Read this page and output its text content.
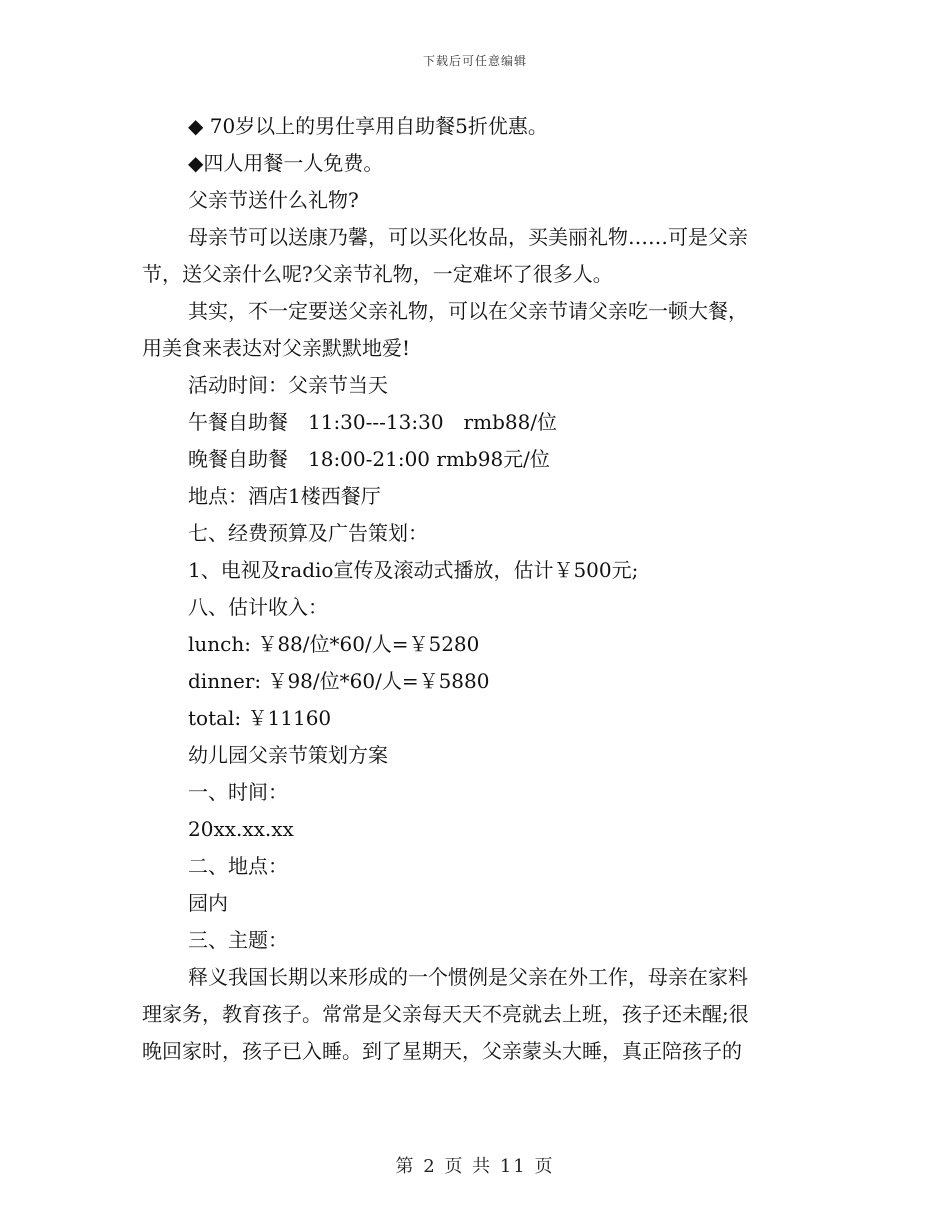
下载后可任意编辑

◆ 70岁以上的男仕享用自助餐5折优惠。

◆四人用餐一人免费。

父亲节送什么礼物?

母亲节可以送康乃馨，可以买化妆品，买美丽礼物……可是父亲

节，送父亲什么呢?父亲节礼物，一定难坏了很多人。

其实，不一定要送父亲礼物，可以在父亲节请父亲吃一顿大餐，

用美食来表达对父亲默默地爱!

活动时间：父亲节当天

午餐自助餐　11:30---13:30　rmb88/位

晚餐自助餐　18:00-21:00 rmb98元/位

地点：酒店1楼西餐厅

七、经费预算及广告策划：

1、电视及radio宣传及滚动式播放，估计￥500元;

八、估计收入：

lunch: ￥88/位*60/人=￥5280

dinner: ￥98/位*60/人=￥5880

total: ￥11160

幼儿园父亲节策划方案

一、时间：

20xx.xx.xx

二、地点：

园内

三、主题：

释义我国长期以来形成的一个惯例是父亲在外工作，母亲在家料

理家务，教育孩子。常常是父亲每天天不亮就去上班，孩子还未醒;很

晚回家时，孩子已入睡。到了星期天，父亲蒙头大睡，真正陪孩子的

第 2 页 共 11 页
